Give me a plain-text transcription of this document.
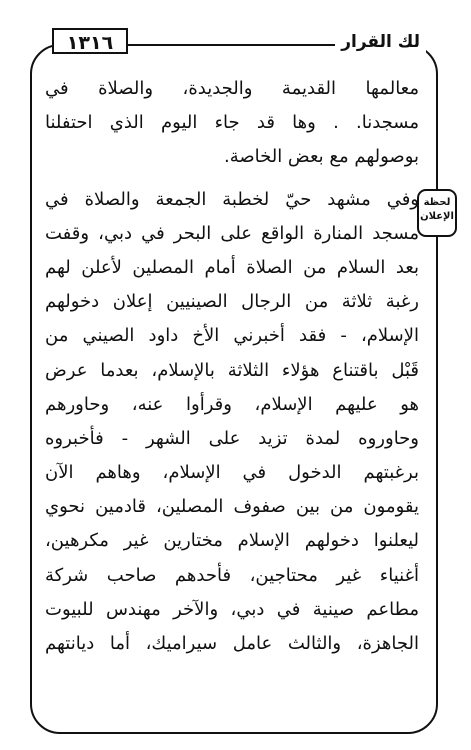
١٣١٦	لك القرار
لحظة
الإعلان
معالمها القديمة والجديدة، والصلاة في
مسجدنا. . وها قد جاء اليوم الذي احتفلنا
بوصولهم مع بعض الخاصة.
وفي مشهد حيّ لخطبة الجمعة والصلاة في
مسجد المنارة الواقع على البحر في دبي، وقفت
بعد السلام من الصلاة أمام المصلين لأعلن لهم
رغبة ثلاثة من الرجال الصينيين إعلان دخولهم
الإسلام، - فقد أخبرني الأخ داود الصيني من
قَبْل باقتناع هؤلاء الثلاثة بالإسلام، بعدما عرض
هو عليهم الإسلام، وقرأوا عنه، وحاورهم
وحاوروه لمدة تزيد على الشهر - فأخبروه
برغبتهم الدخول في الإسلام، وهاهم الآن
يقومون من بين صفوف المصلين، قادمين نحوي
ليعلنوا دخولهم الإسلام مختارين غير مكرهين،
أغنياء غير محتاجين، فأحدهم صاحب شركة
مطاعم صينية في دبي، والآخر مهندس للبيوت
الجاهزة، والثالث عامل سيراميك، أما ديانتهم
